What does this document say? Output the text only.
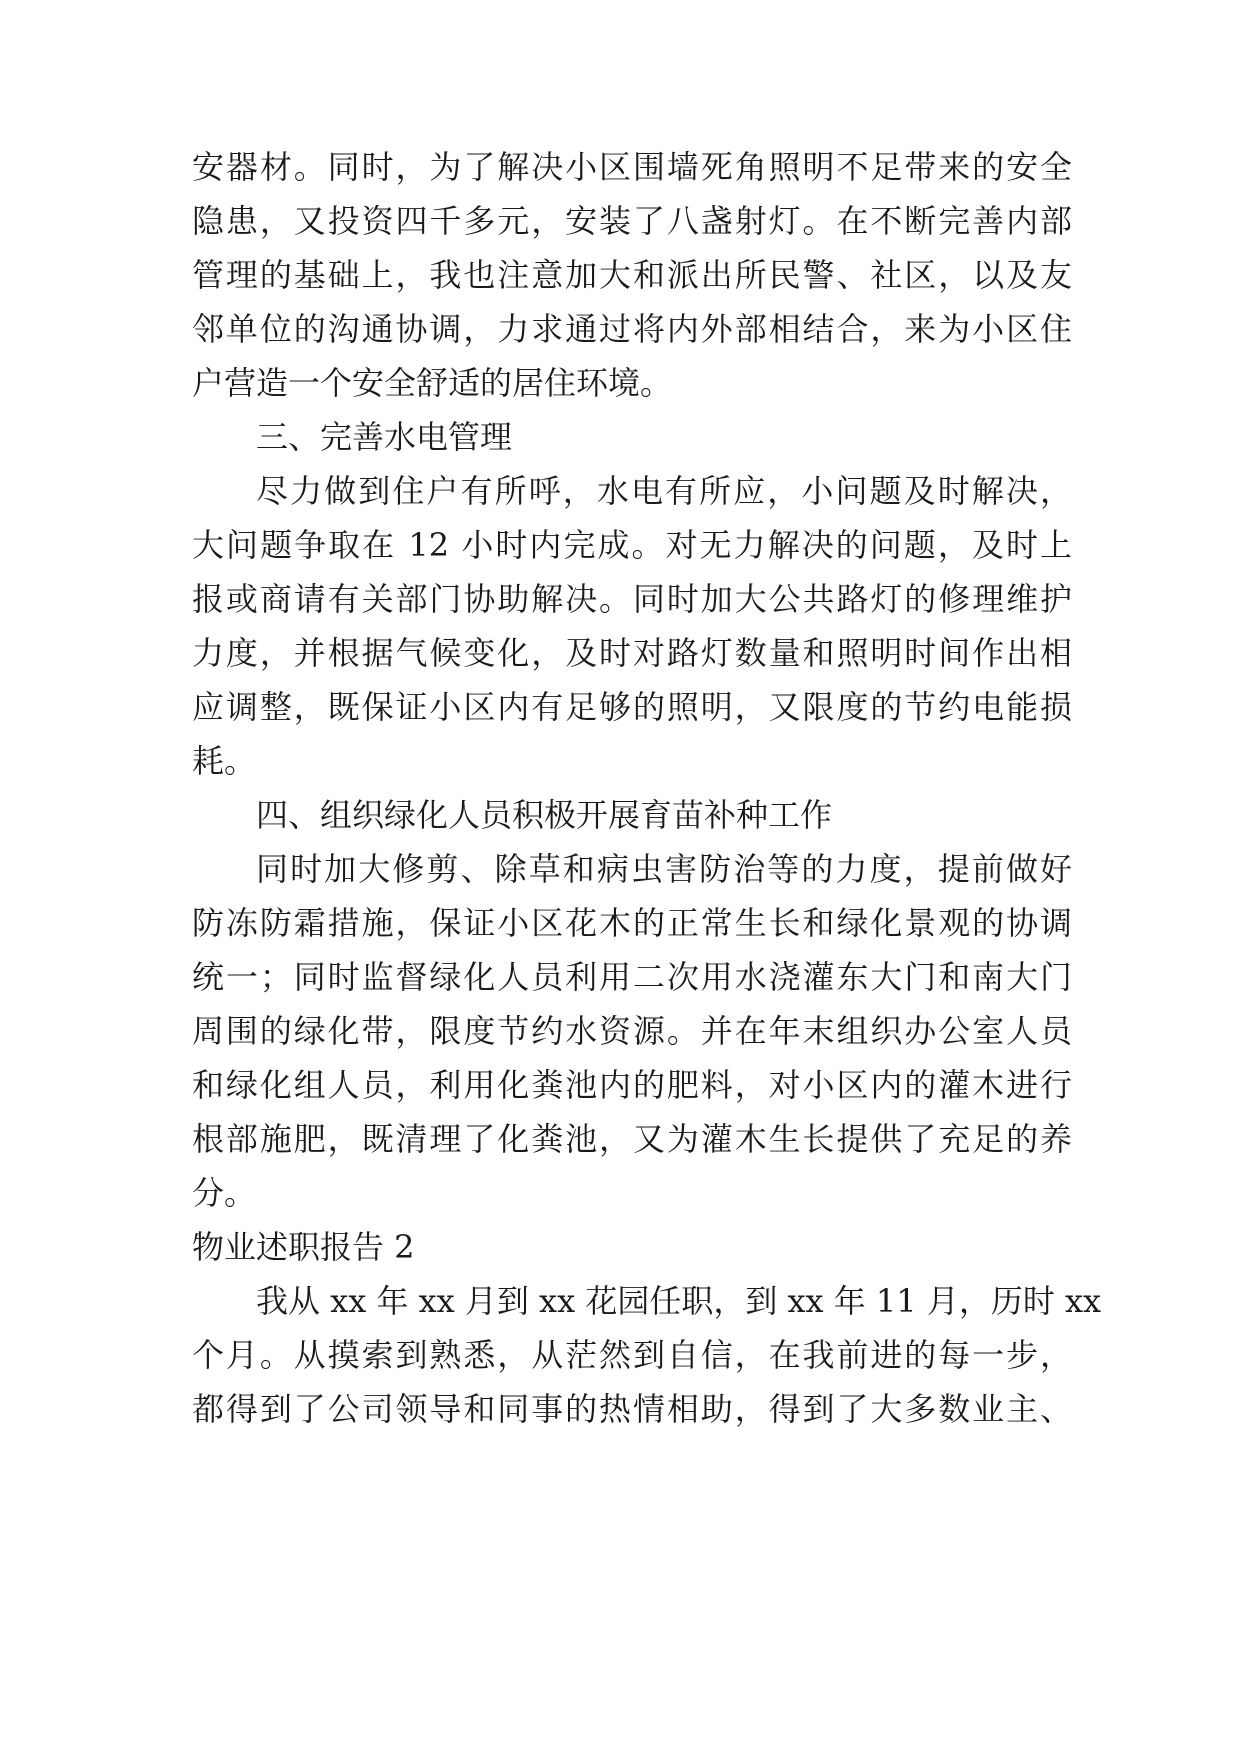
安器材。同时，为了解决小区围墙死角照明不足带来的安全
隐患，又投资四千多元，安装了八盏射灯。在不断完善内部
管理的基础上，我也注意加大和派出所民警、社区，以及友
邻单位的沟通协调，力求通过将内外部相结合，来为小区住
户营造一个安全舒适的居住环境。
三、完善水电管理
尽力做到住户有所呼，水电有所应，小问题及时解决，
大问题争取在 12 小时内完成。对无力解决的问题，及时上
报或商请有关部门协助解决。同时加大公共路灯的修理维护
力度，并根据气候变化，及时对路灯数量和照明时间作出相
应调整，既保证小区内有足够的照明，又限度的节约电能损
耗。
四、组织绿化人员积极开展育苗补种工作
同时加大修剪、除草和病虫害防治等的力度，提前做好
防冻防霜措施，保证小区花木的正常生长和绿化景观的协调
统一；同时监督绿化人员利用二次用水浇灌东大门和南大门
周围的绿化带，限度节约水资源。并在年末组织办公室人员
和绿化组人员，利用化粪池内的肥料，对小区内的灌木进行
根部施肥，既清理了化粪池，又为灌木生长提供了充足的养
分。
物业述职报告 2
我从 xx 年 xx 月到 xx 花园任职，到 xx 年 11 月，历时 xx
个月。从摸索到熟悉，从茫然到自信，在我前进的每一步，
都得到了公司领导和同事的热情相助，得到了大多数业主、
